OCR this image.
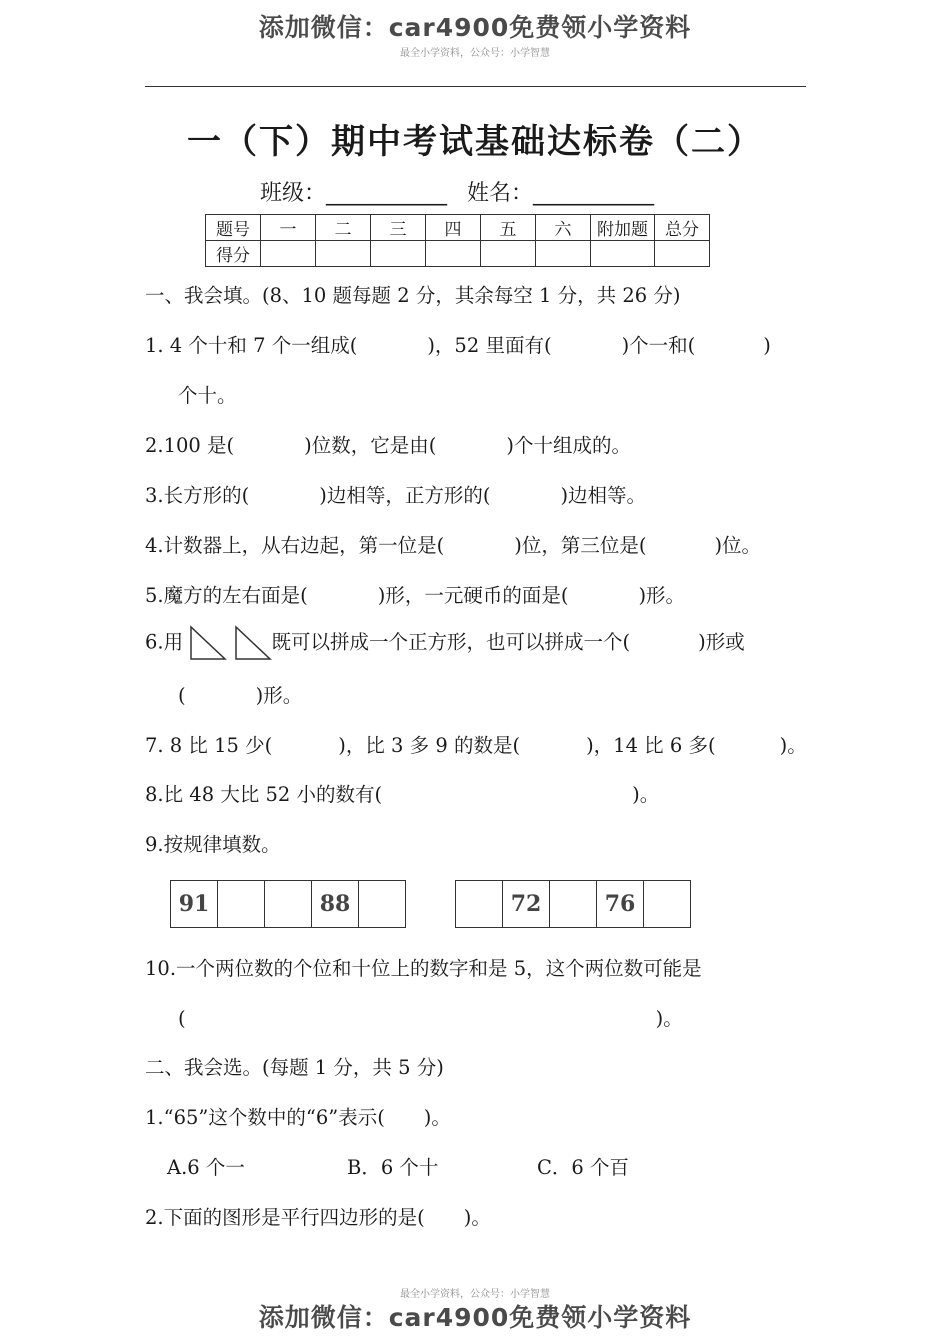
添加微信：car4900免费领小学资料
最全小学资料，公众号：小学智慧
一（下）期中考试基础达标卷（二）
班级：___________ 姓名：___________
题号	一	二	三	四	五	六	附加题	总分
得分								
一、我会填。(8、10 题每题 2 分，其余每空 1 分，共 26 分)
1. 4 个十和 7 个一组成(	)，52 里面有(	)个一和(	)
个十。
2.100 是(	)位数，它是由(	)个十组成的。
3.长方形的(	)边相等，正方形的(	)边相等。
4.计数器上，从右边起，第一位是(	)位，第三位是(	)位。
5.魔方的左右面是(	)形，一元硬币的面是(	)形。
6.用	既可以拼成一个正方形，也可以拼成一个(	)形或
(	)形。
7. 8 比 15 少(	)，比 3 多 9 的数是(	)，14 比 6 多(	)。
8.比 48 大比 52 小的数有(	)。
9.按规律填数。
91	88	72	76
10.一个两位数的个位和十位上的数字和是 5，这个两位数可能是
(	)。
二、我会选。(每题 1 分，共 5 分)
1.“65”这个数中的“6”表示(　　)。
A.6 个一	B．6 个十	C．6 个百
2.下面的图形是平行四边形的是(　　)。
最全小学资料，公众号：小学智慧
添加微信：car4900免费领小学资料
